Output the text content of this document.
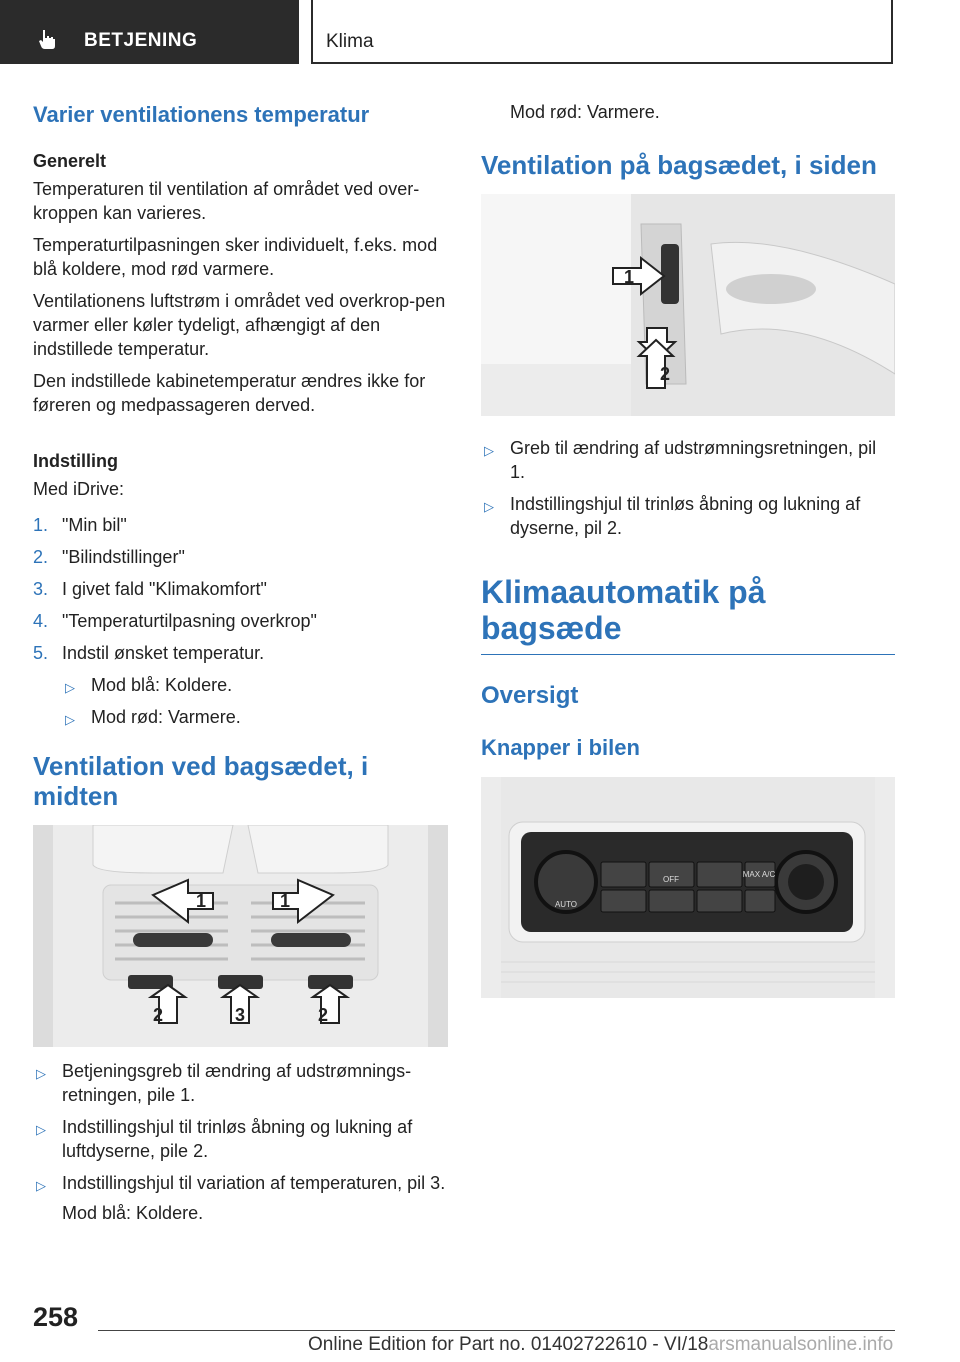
BETJENING	Klima
Varier ventilationens temperatur
Generelt

Temperaturen til ventilation af området ved over-kroppen kan varieres.

Temperaturtilpasningen sker individuelt, f.eks. mod blå koldere, mod rød varmere.

Ventilationens luftstrøm i området ved overkrop-pen varmer eller køler tydeligt, afhængigt af den indstillede temperatur.

Den indstillede kabinetemperatur ændres ikke for føreren og medpassageren derved.

Indstilling

Med iDrive:

1. "Min bil"
2. "Bilindstillinger"
3. I givet fald "Klimakomfort"
4. "Temperaturtilpasning overkrop"
5. Indstil ønsket temperatur.
▷ Mod blå: Koldere.
▷ Mod rød: Varmere.
Ventilation ved bagsædet, i midten
1	1
2	3	2
▷ Betjeningsgreb til ændring af udstrømnings-retningen, pile 1.
▷ Indstillingshjul til trinløs åbning og lukning af luftdyserne, pile 2.
▷ Indstillingshjul til variation af temperaturen, pil 3.

Mod blå: Koldere.

Mod rød: Varmere.

Ventilation på bagsædet, i siden
1
2
▷ Greb til ændring af udstrømningsretningen, pil 1.
▷ Indstillingshjul til trinløs åbning og lukning af dyserne, pil 2.
Klimaautomatik på bagsæde
Oversigt
Knapper i bilen
AUTO
MAX A/C
OFF
258
Online Edition for Part no. 01402722610 - VI/18arsmanualsonline.info
